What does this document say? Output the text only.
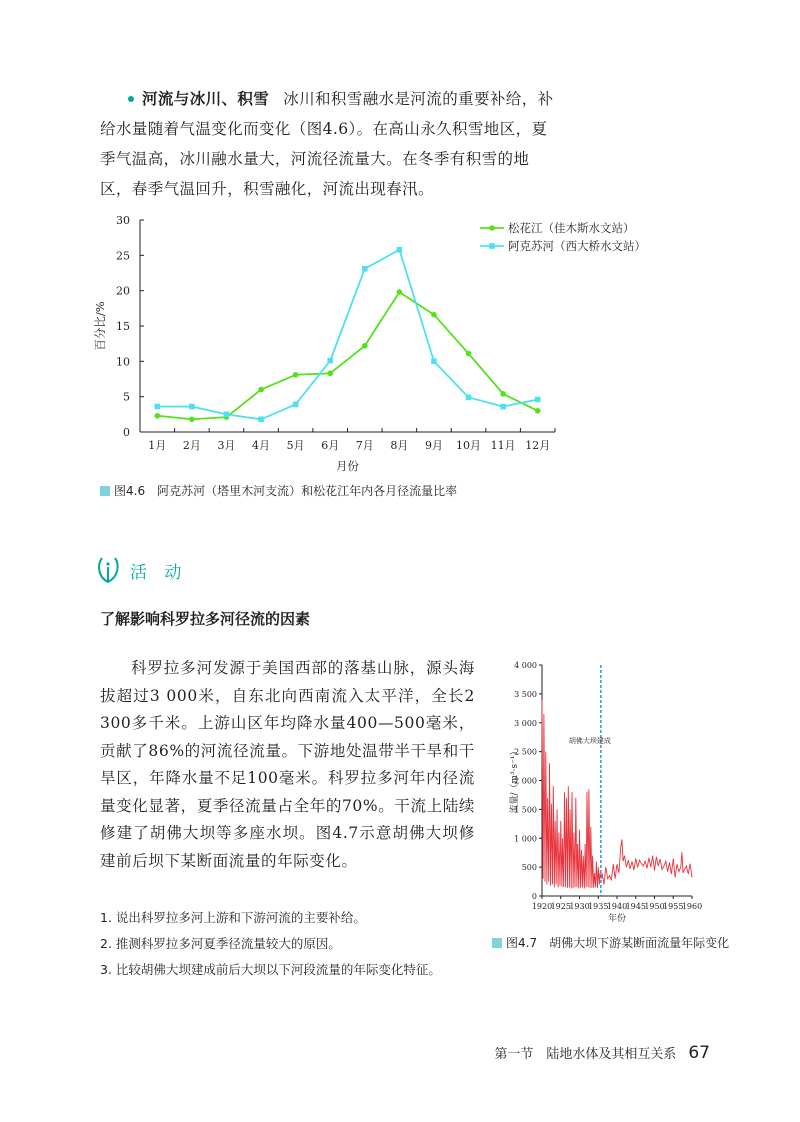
河流与冰川、积雪 冰川和积雪融水是河流的重要补给，补给水量随着气温变化而变化（图4.6）。在高山永久积雪地区，夏季气温高，冰川融水量大，河流径流量大。在冬季有积雪的地区，春季气温回升，积雪融化，河流出现春汛。
0
5
10
15
20
25
30
1月 2月 3月 4月 5月 6月 7月 8月 9月 10月 11月 12月
月份
百分比/%
松花江（佳木斯水文站）
阿克苏河（西大桥水文站）
图4.6　阿克苏河（塔里木河支流）和松花江年内各月径流量比率
活 动
了解影响科罗拉多河径流的因素
科罗拉多河发源于美国西部的落基山脉，源头海拔超过3 000米，自东北向西南流入太平洋，全长2 300多千米。上游山区年均降水量400—500毫米，贡献了86%的河流径流量。下游地处温带半干旱和干旱区，年降水量不足100毫米。科罗拉多河年内径流量变化显著，夏季径流量占全年的70%。干流上陆续修建了胡佛大坝等多座水坝。图4.7示意胡佛大坝修建前后坝下某断面流量的年际变化。
0
500
1 000
1 500
2 000
2 500
3 000
3 500
4 000
1920
1925
1930
1935
1940
1945
1950
1955
1960
年份
流量/（m³·s⁻¹）
胡佛大坝建成
图4.7　胡佛大坝下游某断面流量年际变化
1. 说出科罗拉多河上游和下游河流的主要补给。
2. 推测科罗拉多河夏季径流量较大的原因。
3. 比较胡佛大坝建成前后大坝以下河段流量的年际变化特征。
第一节　陆地水体及其相互关系 67
